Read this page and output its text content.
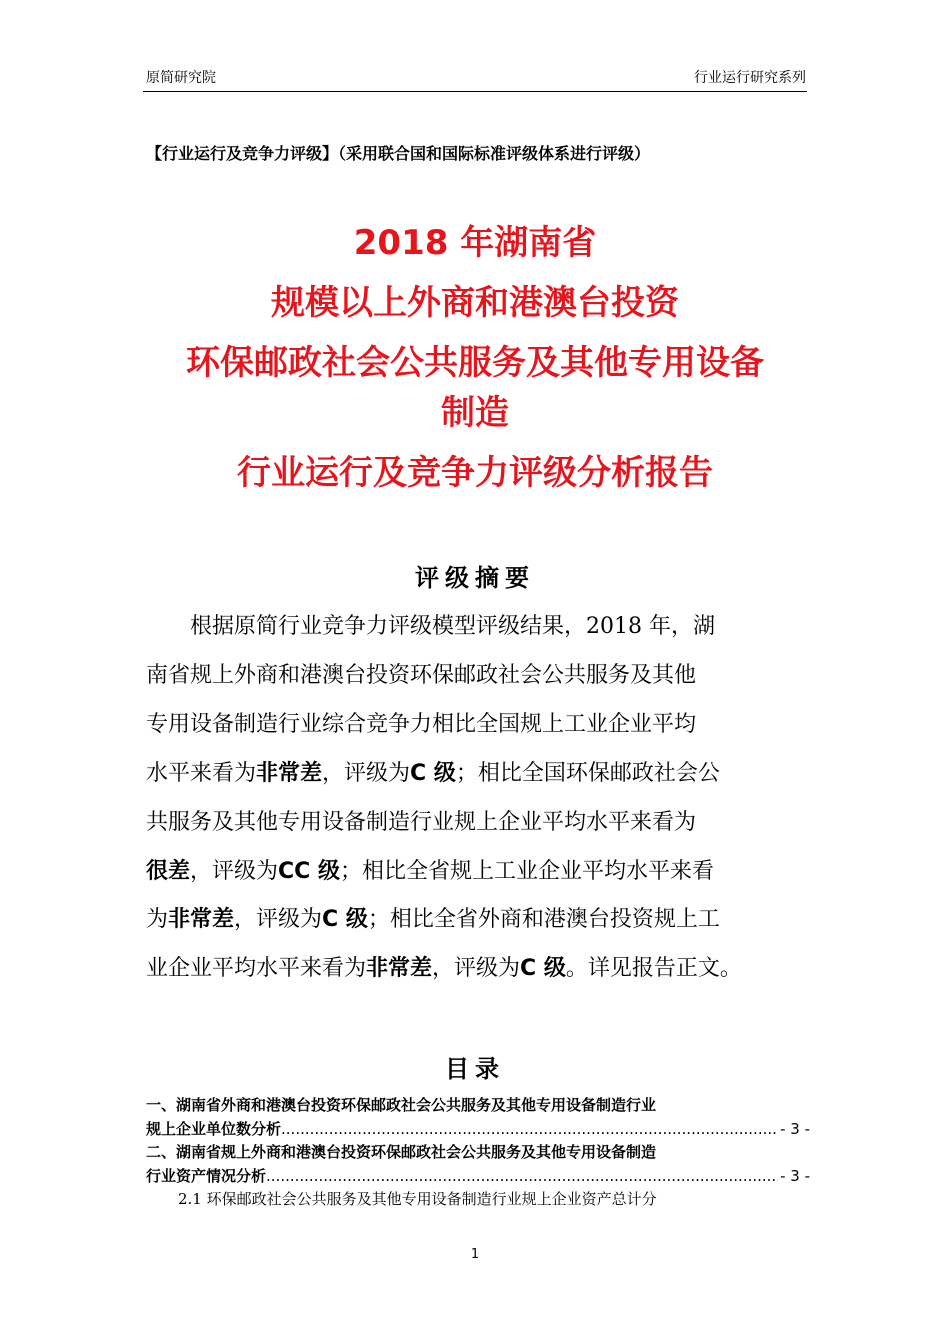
原简研究院	行业运行研究系列
【行业运行及竞争力评级】（采用联合国和国际标准评级体系进行评级）
2018 年湖南省
规模以上外商和港澳台投资
环保邮政社会公共服务及其他专用设备
制造
行业运行及竞争力评级分析报告
评级摘要
根据原简行业竞争力评级模型评级结果，2018 年，湖
南省规上外商和港澳台投资环保邮政社会公共服务及其他
专用设备制造行业综合竞争力相比全国规上工业企业平均
水平来看为非常差，评级为C 级；相比全国环保邮政社会公
共服务及其他专用设备制造行业规上企业平均水平来看为
很差，评级为CC 级；相比全省规上工业企业平均水平来看
为非常差，评级为C 级；相比全省外商和港澳台投资规上工
业企业平均水平来看为非常差，评级为C 级。详见报告正文。
目录
一、湖南省外商和港澳台投资环保邮政社会公共服务及其他专用设备制造行业
规上企业单位数分析 .....	- 3 -
二、湖南省规上外商和港澳台投资环保邮政社会公共服务及其他专用设备制造
行业资产情况分析 .....	- 3 -
2.1 环保邮政社会公共服务及其他专用设备制造行业规上企业资产总计分
1
